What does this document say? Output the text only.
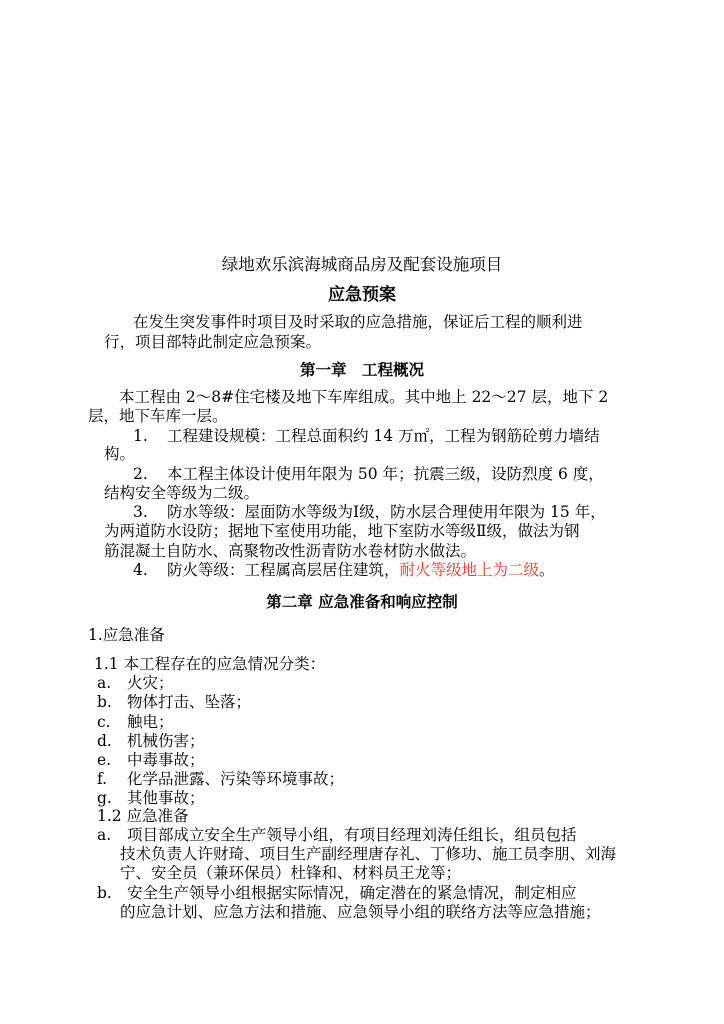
绿地欢乐滨海城商品房及配套设施项目
应急预案
在发生突发事件时项目及时采取的应急措施，保证后工程的顺利进
行，项目部特此制定应急预案。
第一章　工程概况
本工程由 2～8#住宅楼及地下车库组成。其中地上 22～27 层，地下 2
层，地下车库一层。
1. 工程建设规模：工程总面积约 14 万㎡，工程为钢筋砼剪力墙结
构。
2. 本工程主体设计使用年限为 50 年；抗震三级，设防烈度 6 度，
结构安全等级为二级。
3. 防水等级：屋面防水等级为Ⅰ级，防水层合理使用年限为 15 年，
为两道防水设防；据地下室使用功能，地下室防水等级Ⅱ级，做法为钢
筋混凝土自防水、高聚物改性沥青防水卷材防水做法。
4. 防火等级：工程属高层居住建筑，耐火等级地上为二级。
第二章 应急准备和响应控制
1.应急准备
1.1 本工程存在的应急情况分类：
a. 火灾；
b. 物体打击、坠落；
c. 触电；
d. 机械伤害；
e. 中毒事故；
f. 化学品泄露、污染等环境事故；
g. 其他事故；
1.2 应急准备
a. 项目部成立安全生产领导小组，有项目经理刘涛任组长，组员包括
技术负责人许财琦、项目生产副经理唐存礼、丁修功、施工员李朋、刘海
宁、安全员（兼环保员）杜锋和、材料员王龙等；
b. 安全生产领导小组根据实际情况，确定潜在的紧急情况，制定相应
的应急计划、应急方法和措施、应急领导小组的联络方法等应急措施；
